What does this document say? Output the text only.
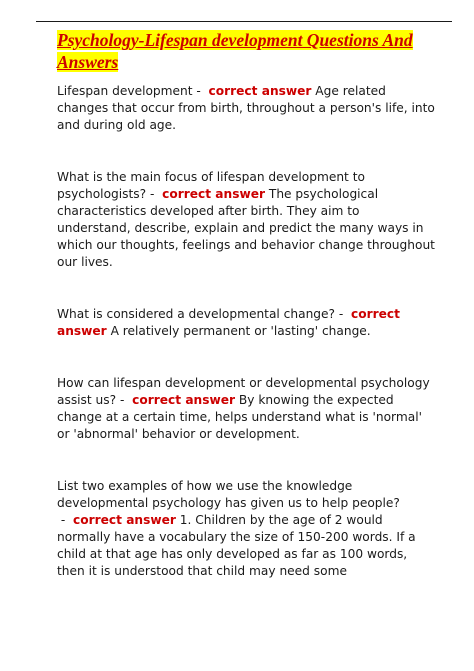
Psychology-Lifespan development Questions And Answers
Lifespan development -  correct answer Age related changes that occur from birth, throughout a person's life, into and during old age.
What is the main focus of lifespan development to psychologists? -  correct answer The psychological characteristics developed after birth. They aim to understand, describe, explain and predict the many ways in which our thoughts, feelings and behavior change throughout our lives.
What is considered a developmental change? -  correct answer A relatively permanent or 'lasting' change.
How can lifespan development or developmental psychology assist us? -  correct answer By knowing the expected change at a certain time, helps understand what is 'normal' or 'abnormal' behavior or development.
List two examples of how we use the knowledge developmental psychology has given us to help people? -  correct answer 1. Children by the age of 2 would normally have a vocabulary the size of 150-200 words. If a child at that age has only developed as far as 100 words, then it is understood that child may need some
